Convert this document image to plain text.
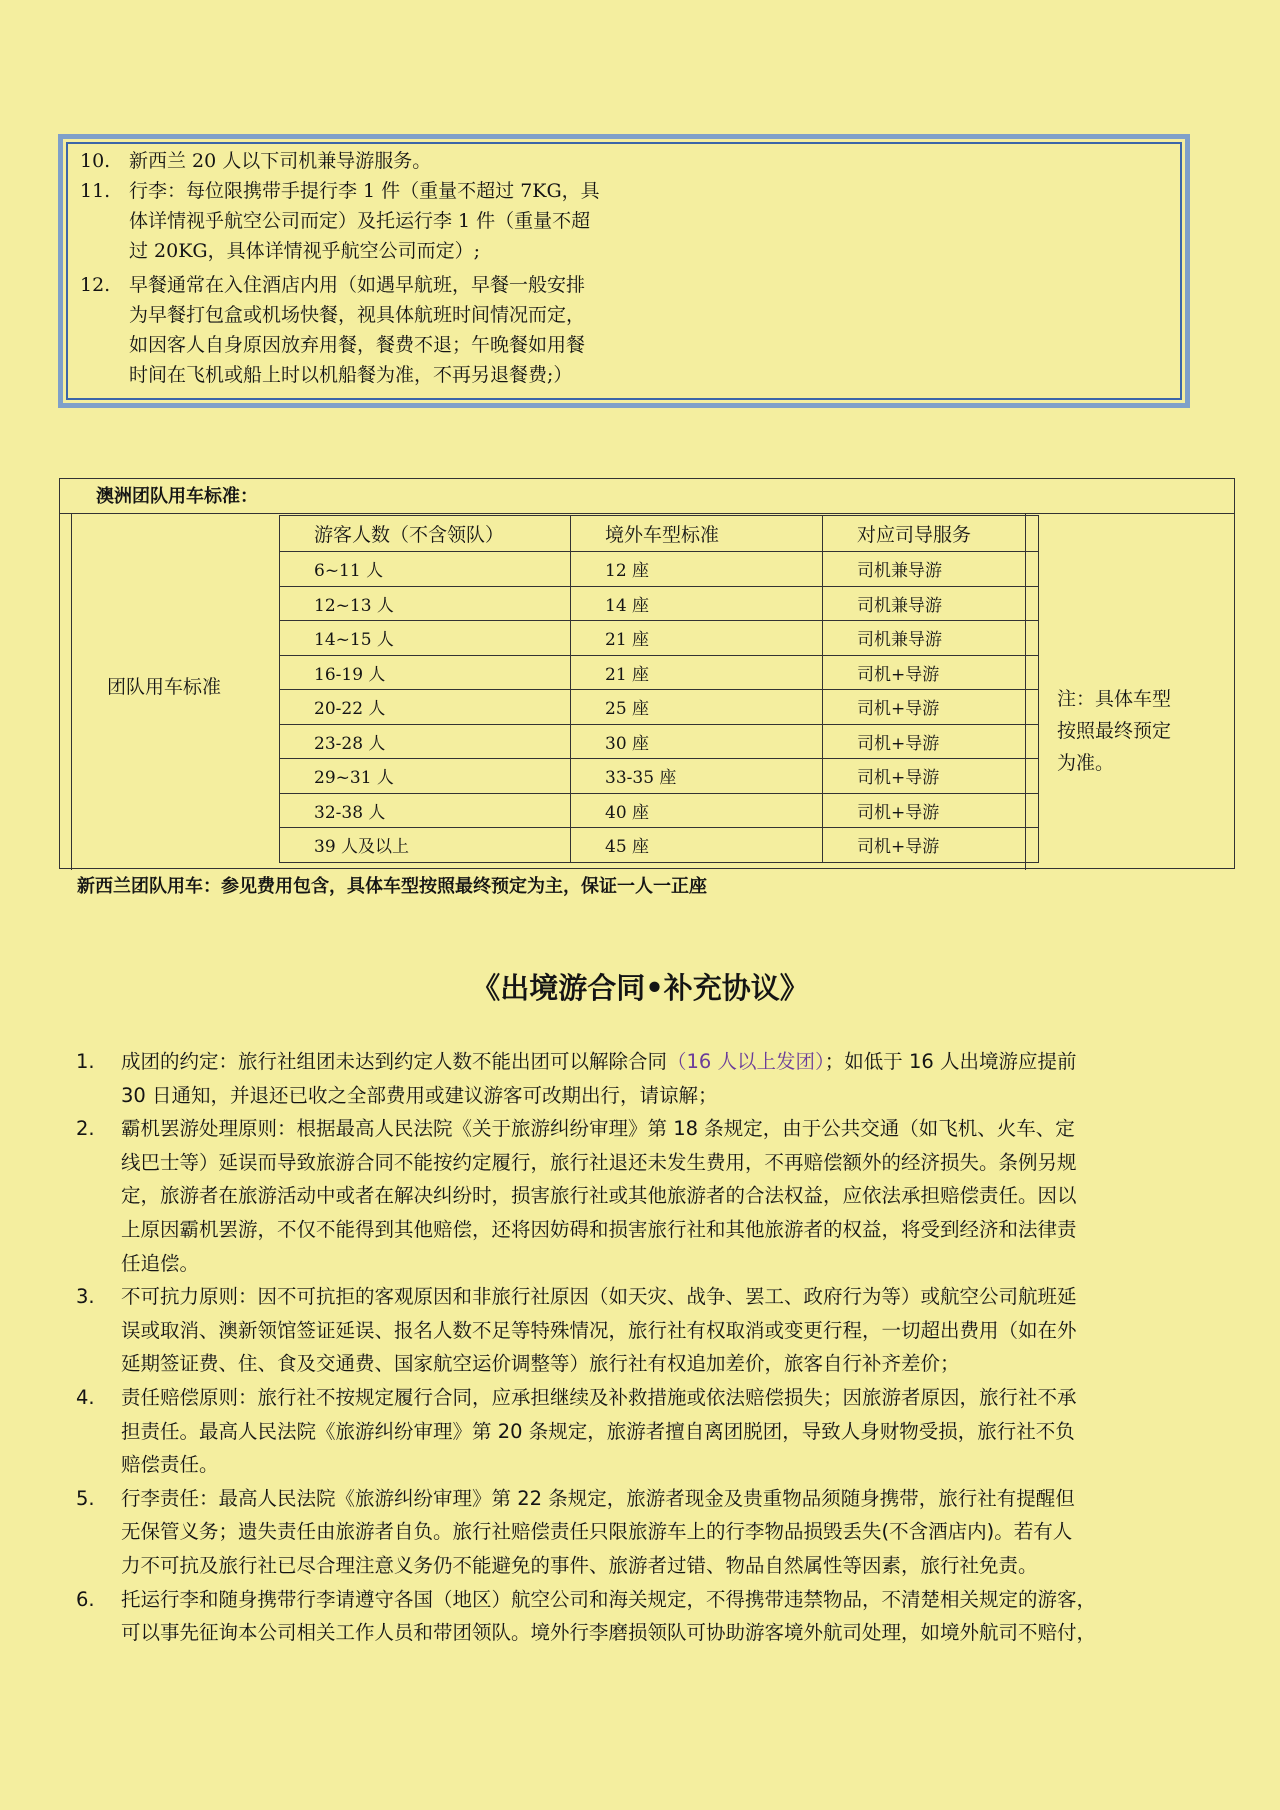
10. 新西兰 20 人以下司机兼导游服务。
11. 行李：每位限携带手提行李 1 件（重量不超过 7KG，具
体详情视乎航空公司而定）及托运行李 1 件（重量不超
过 20KG，具体详情视乎航空公司而定）;
12. 早餐通常在入住酒店内用（如遇早航班，早餐一般安排
为早餐打包盒或机场快餐，视具体航班时间情况而定，
如因客人自身原因放弃用餐，餐费不退；午晚餐如用餐
时间在飞机或船上时以机船餐为准，不再另退餐费;）
澳洲团队用车标准：
团队用车标准
游客人数（不含领队）	境外车型标准	对应司导服务
6~11 人	12 座	司机兼导游
12~13 人	14 座	司机兼导游
14~15 人	21 座	司机兼导游
16-19 人	21 座	司机+导游
20-22 人	25 座	司机+导游
23-28 人	30 座	司机+导游
29~31 人	33-35 座	司机+导游
32-38 人	40 座	司机+导游
39 人及以上	45 座	司机+导游
注：具体车型
按照最终预定
为准。
新西兰团队用车：参见费用包含，具体车型按照最终预定为主，保证一人一正座
《出境游合同•补充协议》
1. 成团的约定：旅行社组团未达到约定人数不能出团可以解除合同（16 人以上发团）；如低于 16 人出境游应提前
30 日通知，并退还已收之全部费用或建议游客可改期出行，请谅解；
2. 霸机罢游处理原则：根据最高人民法院《关于旅游纠纷审理》第 18 条规定，由于公共交通（如飞机、火车、定
线巴士等）延误而导致旅游合同不能按约定履行，旅行社退还未发生费用，不再赔偿额外的经济损失。条例另规
定，旅游者在旅游活动中或者在解决纠纷时，损害旅行社或其他旅游者的合法权益，应依法承担赔偿责任。因以
上原因霸机罢游，不仅不能得到其他赔偿，还将因妨碍和损害旅行社和其他旅游者的权益，将受到经济和法律责
任追偿。
3. 不可抗力原则：因不可抗拒的客观原因和非旅行社原因（如天灾、战争、罢工、政府行为等）或航空公司航班延
误或取消、澳新领馆签证延误、报名人数不足等特殊情况，旅行社有权取消或变更行程，一切超出费用（如在外
延期签证费、住、食及交通费、国家航空运价调整等）旅行社有权追加差价，旅客自行补齐差价；
4. 责任赔偿原则：旅行社不按规定履行合同，应承担继续及补救措施或依法赔偿损失；因旅游者原因，旅行社不承
担责任。最高人民法院《旅游纠纷审理》第 20 条规定，旅游者擅自离团脱团，导致人身财物受损，旅行社不负
赔偿责任。
5. 行李责任：最高人民法院《旅游纠纷审理》第 22 条规定，旅游者现金及贵重物品须随身携带，旅行社有提醒但
无保管义务；遗失责任由旅游者自负。旅行社赔偿责任只限旅游车上的行李物品损毁丢失(不含酒店内)。若有人
力不可抗及旅行社已尽合理注意义务仍不能避免的事件、旅游者过错、物品自然属性等因素，旅行社免责。
6. 托运行李和随身携带行李请遵守各国（地区）航空公司和海关规定，不得携带违禁物品，不清楚相关规定的游客，
可以事先征询本公司相关工作人员和带团领队。境外行李磨损领队可协助游客境外航司处理，如境外航司不赔付，
